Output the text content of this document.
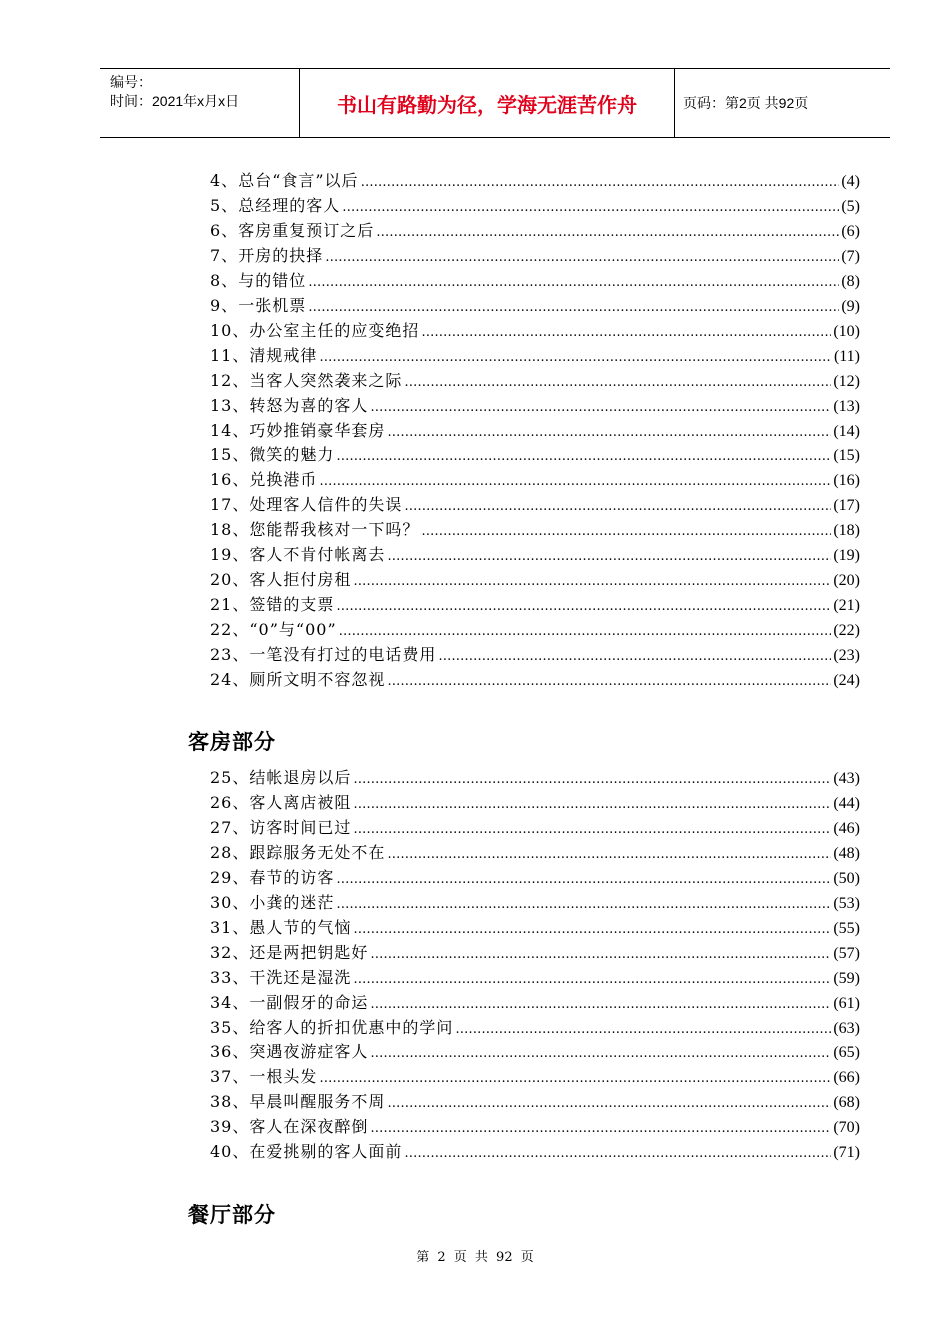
编号：
时间：2021年x月x日	书山有路勤为径，学海无涯苦作舟	页码：第2页 共92页
4、 总台“食言”以后 ……………………………………………………………………………………………………………………………………………………………………………………………………	(4)
5、 总经理的客人 ……………………………………………………………………………………………………………………………………………………………………………………………………	(5)
6、 客房重复预订之后 ……………………………………………………………………………………………………………………………………………………………………………………………………	(6)
7、 开房的抉择 ……………………………………………………………………………………………………………………………………………………………………………………………………	(7)
8、 与的错位 ……………………………………………………………………………………………………………………………………………………………………………………………………	(8)
9、 一张机票 ……………………………………………………………………………………………………………………………………………………………………………………………………	(9)
10、 办公室主任的应变绝招 ……………………………………………………………………………………………………………………………………………………………………………………………………	(10)
11、 清规戒律 ……………………………………………………………………………………………………………………………………………………………………………………………………	(11)
12、 当客人突然袭来之际 ……………………………………………………………………………………………………………………………………………………………………………………………………	(12)
13、 转怒为喜的客人 ……………………………………………………………………………………………………………………………………………………………………………………………………	(13)
14、 巧妙推销豪华套房 ……………………………………………………………………………………………………………………………………………………………………………………………………	(14)
15、 微笑的魅力 ……………………………………………………………………………………………………………………………………………………………………………………………………	(15)
16、 兑换港币 ……………………………………………………………………………………………………………………………………………………………………………………………………	(16)
17、 处理客人信件的失误 ……………………………………………………………………………………………………………………………………………………………………………………………………	(17)
18、 您能帮我核对一下吗？ ……………………………………………………………………………………………………………………………………………………………………………………………………	(18)
19、 客人不肯付帐离去 ……………………………………………………………………………………………………………………………………………………………………………………………………	(19)
20、 客人拒付房租 ……………………………………………………………………………………………………………………………………………………………………………………………………	(20)
21、 签错的支票 ……………………………………………………………………………………………………………………………………………………………………………………………………	(21)
22、 “0”与“00” ……………………………………………………………………………………………………………………………………………………………………………………………………	(22)
23、 一笔没有打过的电话费用 ……………………………………………………………………………………………………………………………………………………………………………………………………	(23)
24、 厕所文明不容忽视 ……………………………………………………………………………………………………………………………………………………………………………………………………	(24)
客房部分
25、 结帐退房以后 ……………………………………………………………………………………………………………………………………………………………………………………………………	(43)
26、 客人离店被阻 ……………………………………………………………………………………………………………………………………………………………………………………………………	(44)
27、 访客时间已过 ……………………………………………………………………………………………………………………………………………………………………………………………………	(46)
28、 跟踪服务无处不在 ……………………………………………………………………………………………………………………………………………………………………………………………………	(48)
29、 春节的访客 ……………………………………………………………………………………………………………………………………………………………………………………………………	(50)
30、 小龚的迷茫 ……………………………………………………………………………………………………………………………………………………………………………………………………	(53)
31、 愚人节的气恼 ……………………………………………………………………………………………………………………………………………………………………………………………………	(55)
32、 还是两把钥匙好 ……………………………………………………………………………………………………………………………………………………………………………………………………	(57)
33、 干洗还是湿洗 ……………………………………………………………………………………………………………………………………………………………………………………………………	(59)
34、 一副假牙的命运 ……………………………………………………………………………………………………………………………………………………………………………………………………	(61)
35、 给客人的折扣优惠中的学问 ……………………………………………………………………………………………………………………………………………………………………………………………………	(63)
36、 突遇夜游症客人 ……………………………………………………………………………………………………………………………………………………………………………………………………	(65)
37、 一根头发 ……………………………………………………………………………………………………………………………………………………………………………………………………	(66)
38、 早晨叫醒服务不周 ……………………………………………………………………………………………………………………………………………………………………………………………………	(68)
39、 客人在深夜醉倒 ……………………………………………………………………………………………………………………………………………………………………………………………………	(70)
40、 在爱挑剔的客人面前 ……………………………………………………………………………………………………………………………………………………………………………………………………	(71)
餐厅部分
第 2 页 共 92 页
